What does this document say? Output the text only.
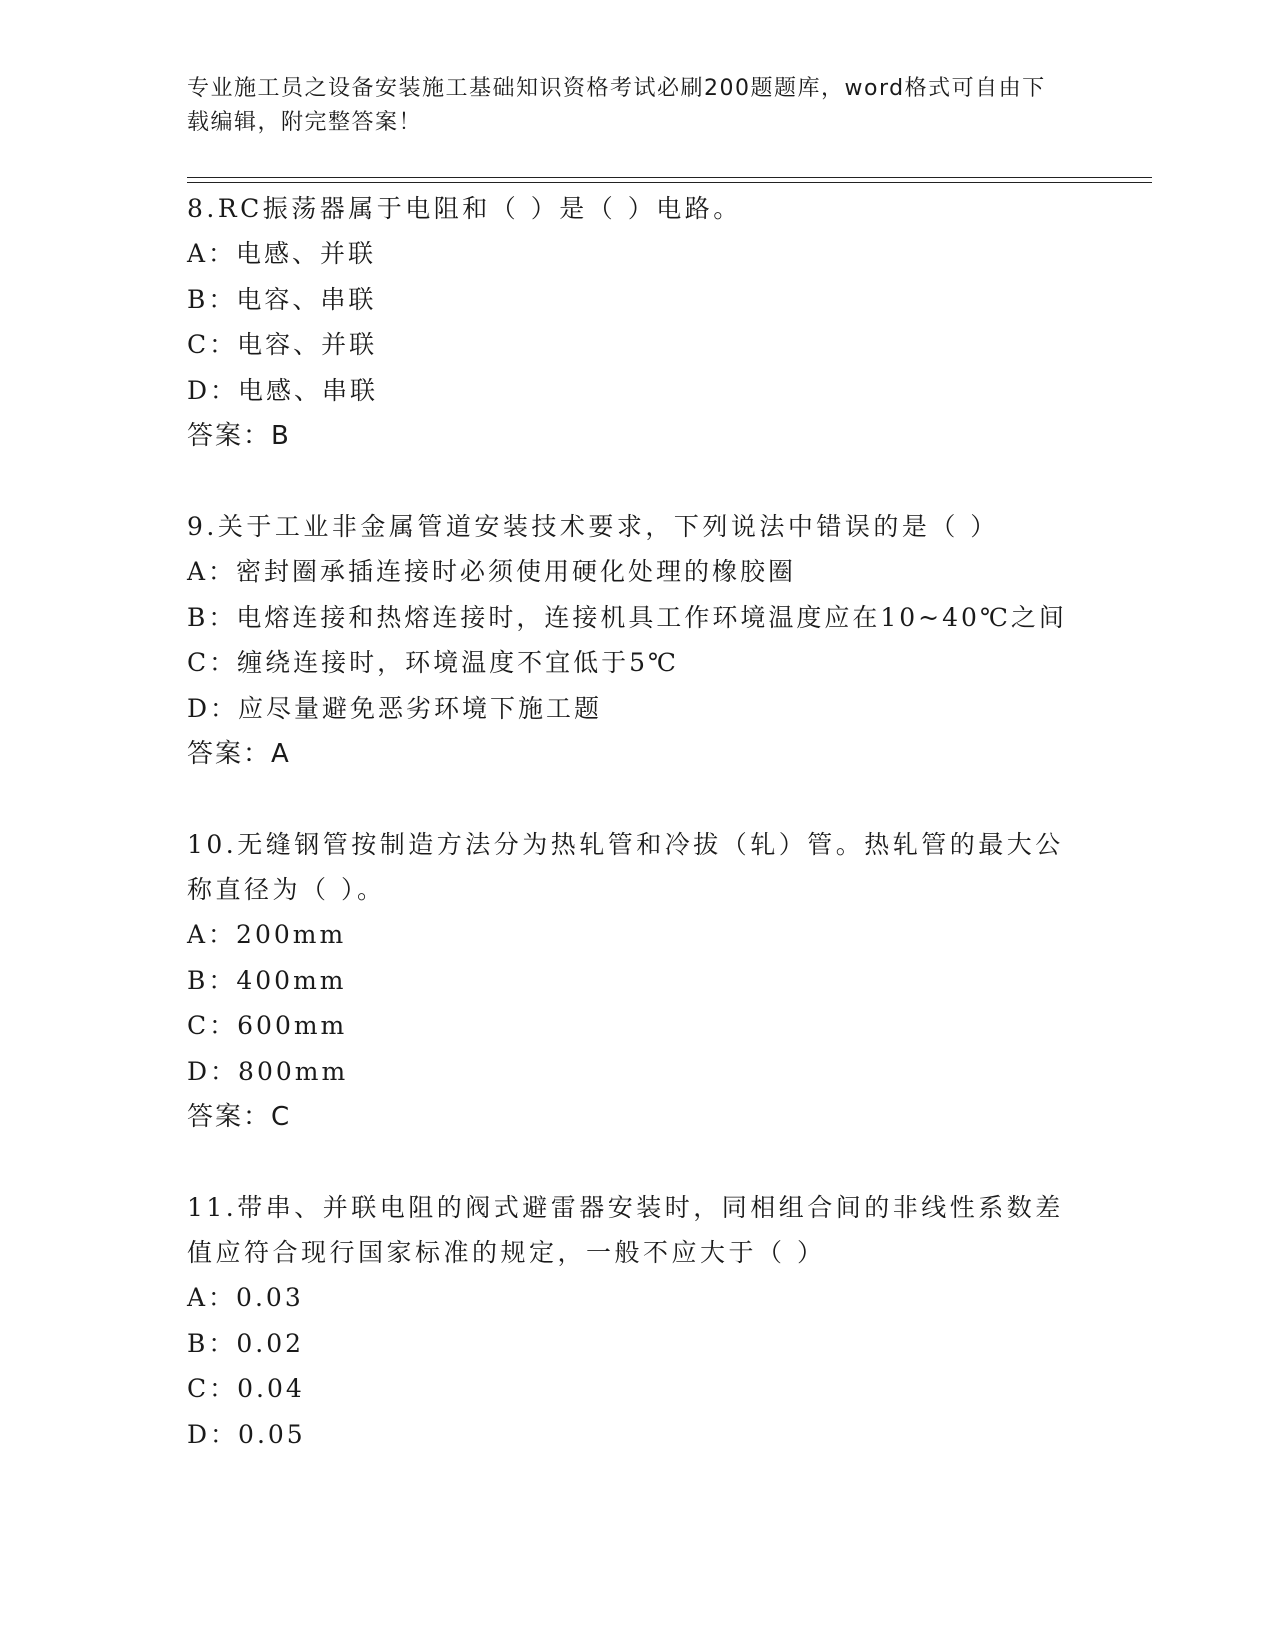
专业施工员之设备安装施工基础知识资格考试必刷200题题库，word格式可自由下载编辑，附完整答案！
8.RC振荡器属于电阻和（ ）是（ ）电路。
A：电感、并联
B：电容、串联
C：电容、并联
D：电感、串联
答案：B
9.关于工业非金属管道安装技术要求，下列说法中错误的是（ ）
A：密封圈承插连接时必须使用硬化处理的橡胶圈
B：电熔连接和热熔连接时，连接机具工作环境温度应在10~40℃之间
C：缠绕连接时，环境温度不宜低于5℃
D：应尽量避免恶劣环境下施工题
答案：A
10.无缝钢管按制造方法分为热轧管和冷拔（轧）管。热轧管的最大公称直径为（ ）。
A：200mm
B：400mm
C：600mm
D：800mm
答案：C
11.带串、并联电阻的阀式避雷器安装时，同相组合间的非线性系数差值应符合现行国家标准的规定，一般不应大于（ ）
A：0.03
B：0.02
C：0.04
D：0.05
